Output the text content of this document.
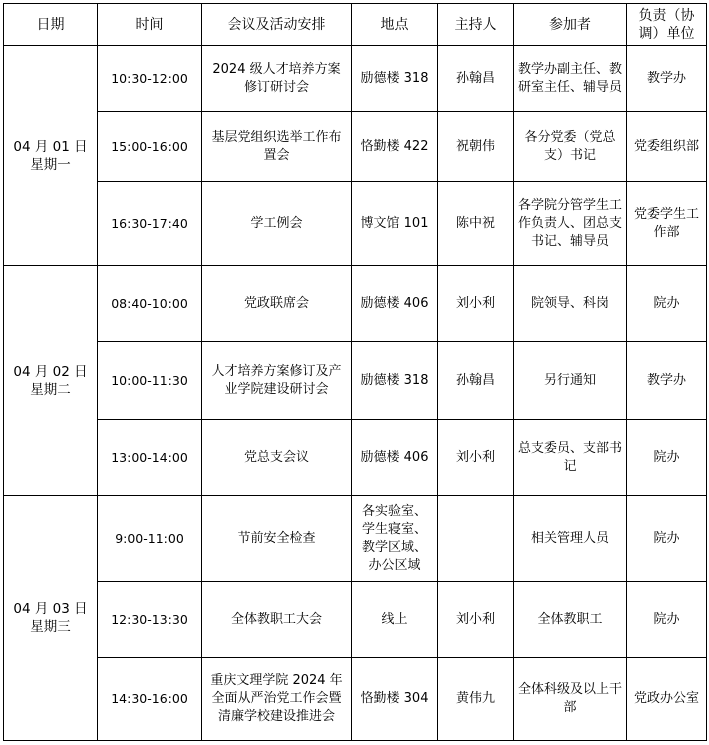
日期	时间	会议及活动安排	地点	主持人	参加者	负责（协调）单位

04 月 01 日
星期一	10:30-12:00	2024 级人才培养方案修订研讨会	励德楼 318	孙翰昌	教学办副主任、教研室主任、辅导员	教学办
	15:00-16:00	基层党组织选举工作布置会	恪勤楼 422	祝朝伟	各分党委（党总支）书记	党委组织部
	16:30-17:40	学工例会	博文馆 101	陈中祝	各学院分管学生工作负责人、团总支书记、辅导员	党委学生工作部

04 月 02 日
星期二	08:40-10:00	党政联席会	励德楼 406	刘小利	院领导、科岗	院办
	10:00-11:30	人才培养方案修订及产业学院建设研讨会	励德楼 318	孙翰昌	另行通知	教学办
	13:00-14:00	党总支会议	励德楼 406	刘小利	总支委员、支部书记	院办

04 月 03 日
星期三	9:00-11:00	节前安全检查	各实验室、学生寝室、教学区域、办公区域		相关管理人员	院办
	12:30-13:30	全体教职工大会	线上	刘小利	全体教职工	院办
	14:30-16:00	重庆文理学院 2024 年全面从严治党工作会暨清廉学校建设推进会	恪勤楼 304	黄伟九	全体科级及以上干部	党政办公室
